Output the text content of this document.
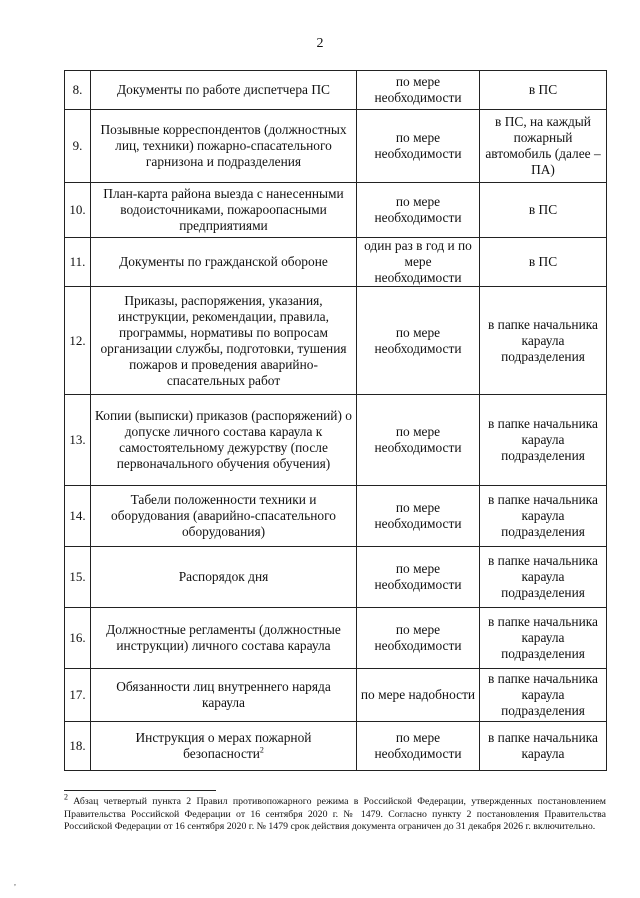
2
8.	Документы по работе диспетчера ПС	по мере необходимости	в ПС
9.	Позывные корреспондентов (должностных лиц, техники) пожарно-спасательного гарнизона и подразделения	по мере необходимости	в ПС, на каждый пожарный автомобиль (далее – ПА)
10.	План-карта района выезда с нанесенными водоисточниками, пожароопасными предприятиями	по мере необходимости	в ПС
11.	Документы по гражданской обороне	один раз в год и по мере необходимости	в ПС
12.	Приказы, распоряжения, указания, инструкции, рекомендации, правила, программы, нормативы по вопросам организации службы, подготовки, тушения пожаров и проведения аварийно-спасательных работ	по мере необходимости	в папке начальника караула подразделения
13.	Копии (выписки) приказов (распоряжений) о допуске личного состава караула к самостоятельному дежурству (после первоначального обучения обучения)	по мере необходимости	в папке начальника караула подразделения
14.	Табели положенности техники и оборудования (аварийно-спасательного оборудования)	по мере необходимости	в папке начальника караула подразделения
15.	Распорядок дня	по мере необходимости	в папке начальника караула подразделения
16.	Должностные регламенты (должностные инструкции) личного состава караула	по мере необходимости	в папке начальника караула подразделения
17.	Обязанности лиц внутреннего наряда караула	по мере надобности	в папке начальника караула подразделения
18.	Инструкция о мерах пожарной безопасности$^2$	по мере необходимости	в папке начальника караула
$^2$ Абзац четвертый пункта 2 Правил противопожарного режима в Российской Федерации, утвержденных постановлением Правительства Российской Федерации от 16 сентября 2020 г. № 1479. Согласно пункту 2 постановления Правительства Российской Федерации от 16 сентября 2020 г. № 1479 срок действия документа ограничен до 31 декабря 2026 г. включительно.
,
